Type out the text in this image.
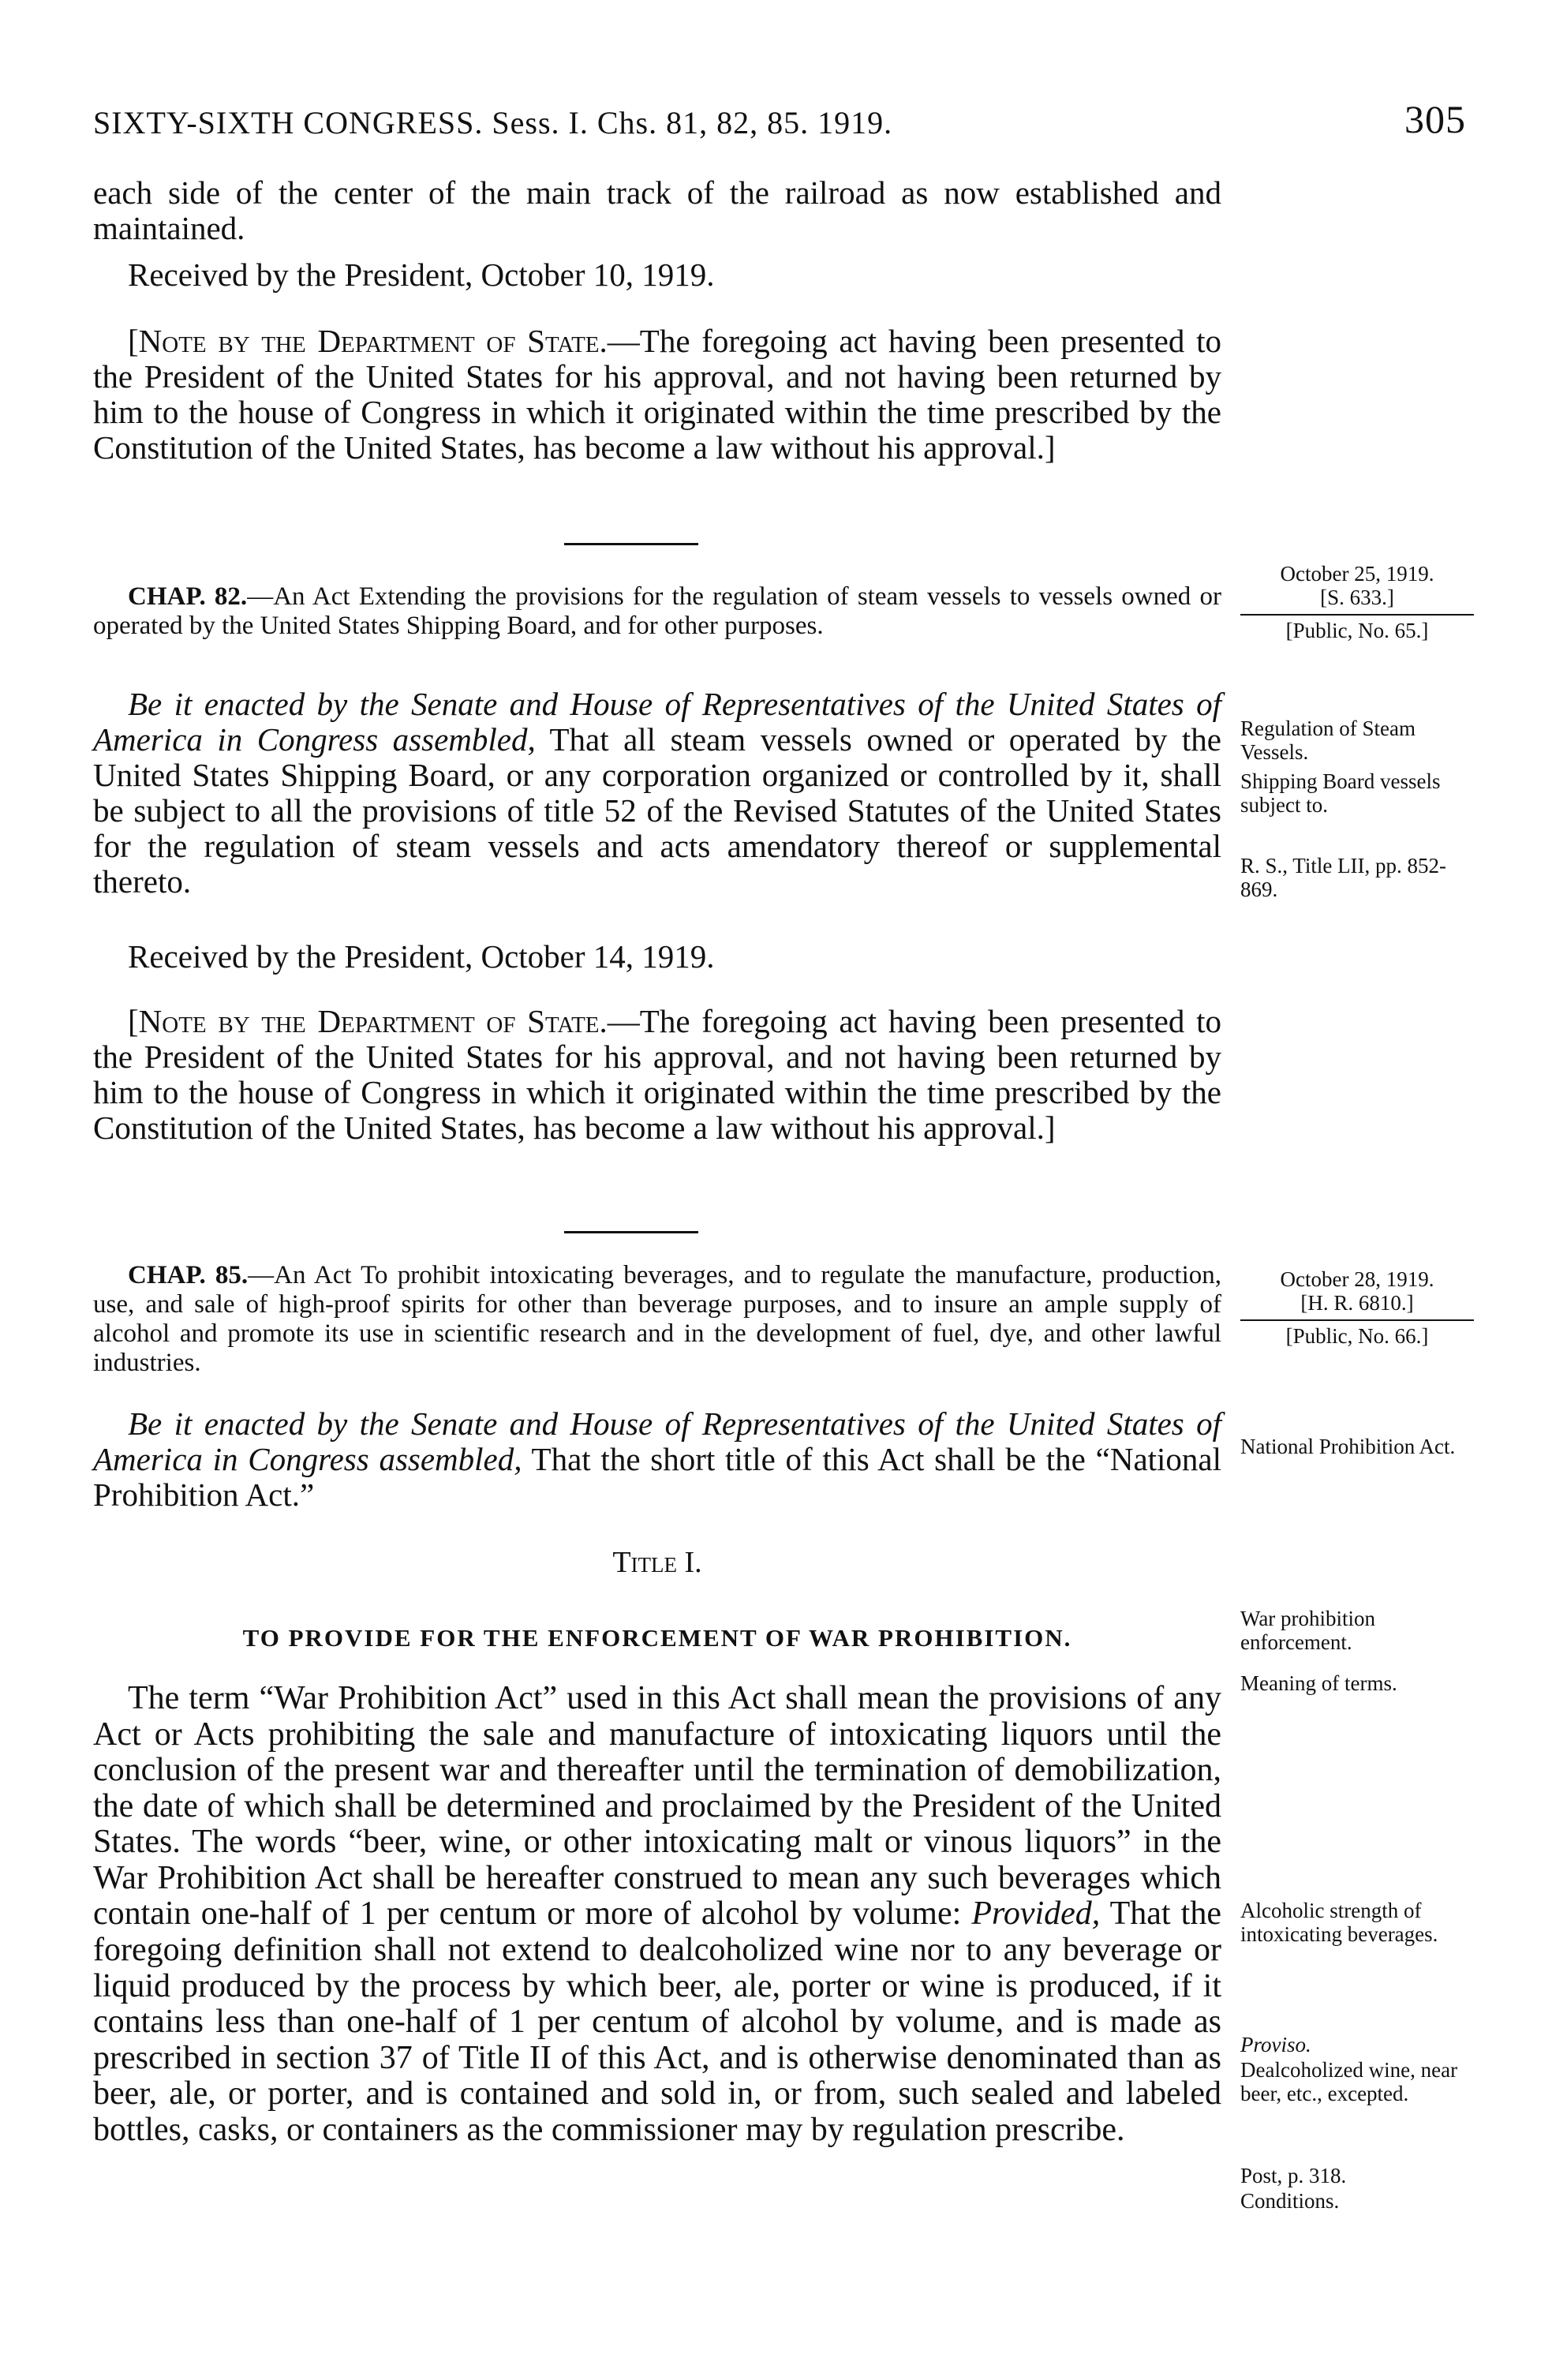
SIXTY-SIXTH CONGRESS. Sess. I. Chs. 81, 82, 85. 1919.	305

each side of the center of the main track of the railroad as now established and maintained.

Received by the President, October 10, 1919.

[Note by the Department of State.—The foregoing act having been presented to the President of the United States for his approval, and not having been returned by him to the house of Congress in which it originated within the time prescribed by the Constitution of the United States, has become a law without his approval.]

CHAP. 82.—An Act Extending the provisions for the regulation of steam vessels to vessels owned or operated by the United States Shipping Board, and for other purposes.

Be it enacted by the Senate and House of Representatives of the United States of America in Congress assembled, That all steam vessels owned or operated by the United States Shipping Board, or any corporation organized or controlled by it, shall be subject to all the provisions of title 52 of the Revised Statutes of the United States for the regulation of steam vessels and acts amendatory thereof or supplemental thereto.

Received by the President, October 14, 1919.

[Note by the Department of State.—The foregoing act having been presented to the President of the United States for his approval, and not having been returned by him to the house of Congress in which it originated within the time prescribed by the Constitution of the United States, has become a law without his approval.]

CHAP. 85.—An Act To prohibit intoxicating beverages, and to regulate the manufacture, production, use, and sale of high-proof spirits for other than beverage purposes, and to insure an ample supply of alcohol and promote its use in scientific research and in the development of fuel, dye, and other lawful industries.

Be it enacted by the Senate and House of Representatives of the United States of America in Congress assembled, That the short title of this Act shall be the “National Prohibition Act.”

Title I.
TO PROVIDE FOR THE ENFORCEMENT OF WAR PROHIBITION.

The term “War Prohibition Act” used in this Act shall mean the provisions of any Act or Acts prohibiting the sale and manufacture of intoxicating liquors until the conclusion of the present war and thereafter until the termination of demobilization, the date of which shall be determined and proclaimed by the President of the United States. The words “beer, wine, or other intoxicating malt or vinous liquors” in the War Prohibition Act shall be hereafter construed to mean any such beverages which contain one-half of 1 per centum or more of alcohol by volume: Provided, That the foregoing definition shall not extend to dealcoholized wine nor to any beverage or liquid produced by the process by which beer, ale, porter or wine is produced, if it contains less than one-half of 1 per centum of alcohol by volume, and is made as prescribed in section 37 of Title II of this Act, and is otherwise denominated than as beer, ale, or porter, and is contained and sold in, or from, such sealed and labeled bottles, casks, or containers as the commissioner may by regulation prescribe.

October 25, 1919.
[S. 633.]
[Public, No. 65.]
Regulation of Steam Vessels.
Shipping Board vessels subject to.
R. S., Title LII, pp. 852-869.
October 28, 1919.
[H. R. 6810.]
[Public, No. 66.]
National Prohibition Act.
War prohibition enforcement.
Meaning of terms.
Alcoholic strength of intoxicating beverages.
Proviso.
Dealcoholized wine, near beer, etc., excepted.
Post, p. 318.
Conditions.
